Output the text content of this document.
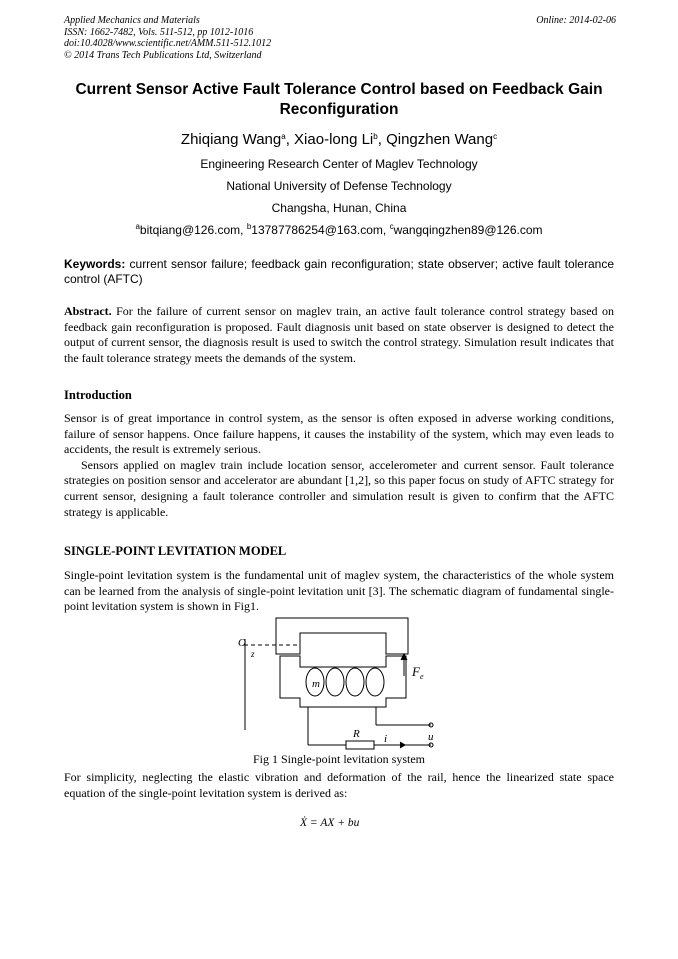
Applied Mechanics and Materials
ISSN: 1662-7482, Vols. 511-512, pp 1012-1016
doi:10.4028/www.scientific.net/AMM.511-512.1012
© 2014 Trans Tech Publications Ltd, Switzerland
Online: 2014-02-06
Current Sensor Active Fault Tolerance Control based on Feedback Gain Reconfiguration
Zhiqiang Wang$^a$, Xiao-long Li$^b$, Qingzhen Wang$^c$
Engineering Research Center of Maglev Technology
National University of Defense Technology
Changsha, Hunan, China
$^a$bitqiang@126.com, $^b$13787786254@163.com, $^c$wangqingzhen89@126.com
Keywords: current sensor failure; feedback gain reconfiguration; state observer; active fault tolerance control (AFTC)
Abstract. For the failure of current sensor on maglev train, an active fault tolerance control strategy based on feedback gain reconfiguration is proposed. Fault diagnosis unit based on state observer is designed to detect the output of current sensor, the diagnosis result is used to switch the control strategy. Simulation result indicates that the fault tolerance strategy meets the demands of the system.
Introduction

Sensor is of great importance in control system, as the sensor is often exposed in adverse working conditions, failure of sensor happens. Once failure happens, it causes the instability of the system, which may even leads to accidents, the result is extremely serious.

Sensors applied on maglev train include location sensor, accelerometer and current sensor. Fault tolerance strategies on position sensor and accelerator are abundant [1,2], so this paper focus on study of AFTC strategy for current sensor, designing a fault tolerance controller and simulation result is given to confirm that the AFTC strategy is applicable.

SINGLE-POINT LEVITATION MODEL
Single-point levitation system is the fundamental unit of maglev system, the characteristics of the whole system can be learned from the analysis of single-point levitation unit [3]. The schematic diagram of fundamental single-point levitation system is shown in Fig1.
O
z
m
F e
R i	u
Fig 1 Single-point levitation system
For simplicity, neglecting the elastic vibration and deformation of the rail, hence the linearized state space equation of the single-point levitation system is derived as:
Ẋ = AX + bu
